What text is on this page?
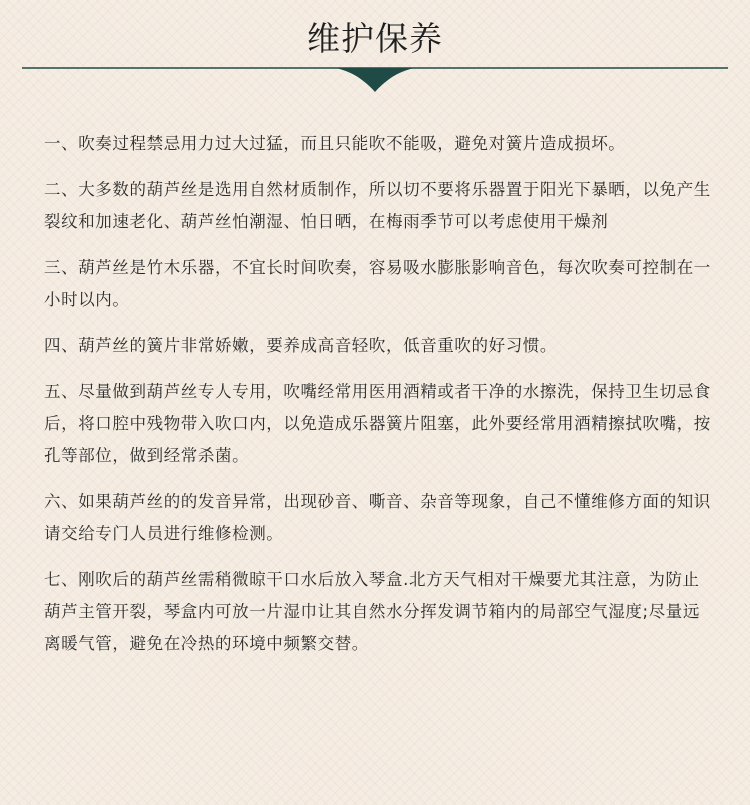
维护保养

一、吹奏过程禁忌用力过大过猛，而且只能吹不能吸，避免对簧片造成损坏。

二、大多数的葫芦丝是选用自然材质制作，所以切不要将乐器置于阳光下暴晒，以免产生裂纹和加速老化、葫芦丝怕潮湿、怕日晒，在梅雨季节可以考虑使用干燥剂

三、葫芦丝是竹木乐器，不宜长时间吹奏，容易吸水膨胀影响音色，每次吹奏可控制在一小时以内。

四、葫芦丝的簧片非常娇嫩，要养成高音轻吹，低音重吹的好习惯。

五、尽量做到葫芦丝专人专用，吹嘴经常用医用酒精或者干净的水擦洗，保持卫生切忌食后，将口腔中残物带入吹口内，以免造成乐器簧片阻塞，此外要经常用酒精擦拭吹嘴，按孔等部位，做到经常杀菌。

六、如果葫芦丝的的发音异常，出现砂音、嘶音、杂音等现象，自己不懂维修方面的知识请交给专门人员进行维修检测。

七、刚吹后的葫芦丝需稍微晾干口水后放入琴盒.北方天气相对干燥要尤其注意，为防止葫芦主管开裂，琴盒内可放一片湿巾让其自然水分挥发调节箱内的局部空气湿度;尽量远离暖气管，避免在冷热的环境中频繁交替。
